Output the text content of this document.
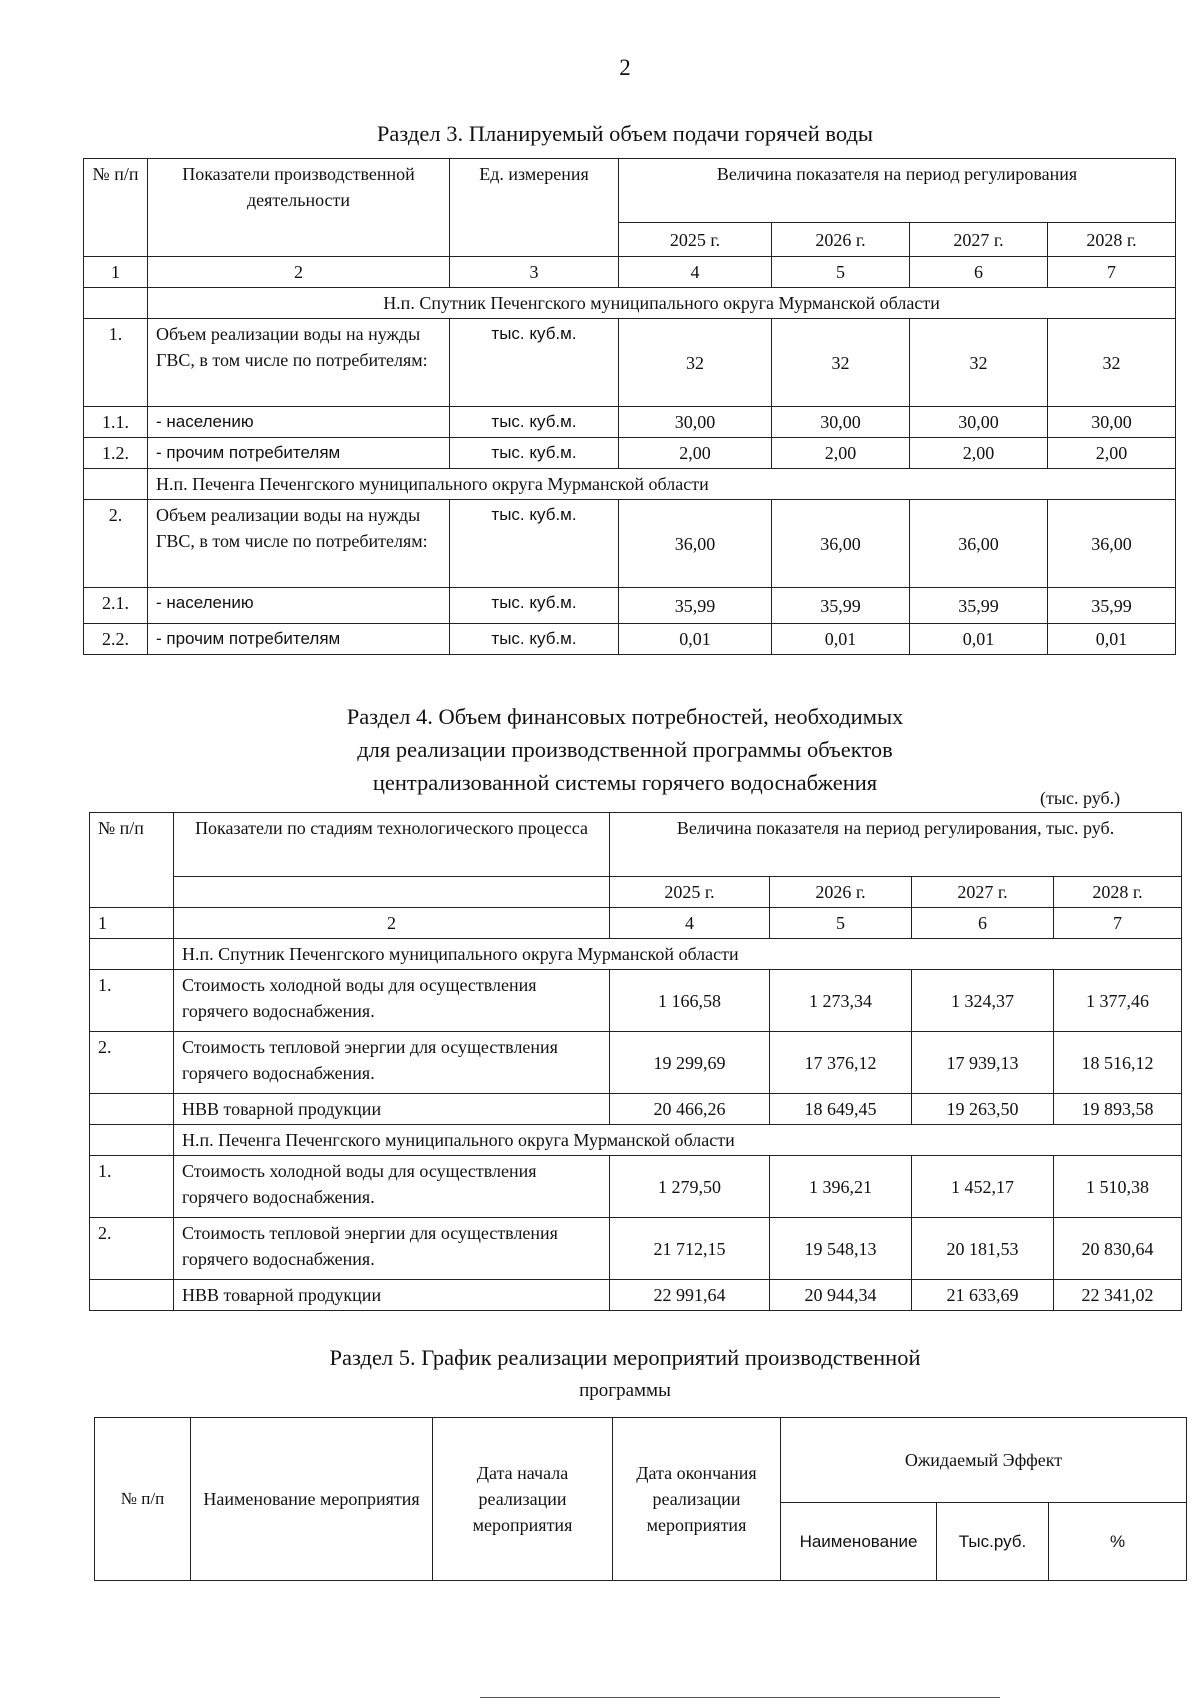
2
Раздел 3. Планируемый объем подачи горячей воды
№ п/п	Показатели производственной деятельности	Ед. измерения	Величина показателя на период регулирования			
			2025 г.	2026 г.	2027 г.	2028 г.
1	2	3	4	5	6	7
	Н.п. Спутник Печенгского муниципального округа Мурманской области					
1.	Объем реализации воды на нужды ГВС, в том числе по потребителям:	тыс. куб.м.	32	32	32	32
1.1.	- населению	тыс. куб.м.	30,00	30,00	30,00	30,00
1.2.	- прочим потребителям	тыс. куб.м.	2,00	2,00	2,00	2,00
	Н.п. Печенга Печенгского муниципального округа Мурманской области					
2.	Объем реализации воды на нужды ГВС, в том числе по потребителям:	тыс. куб.м.	36,00	36,00	36,00	36,00
2.1.	- населению	тыс. куб.м.	35,99	35,99	35,99	35,99
2.2.	- прочим потребителям	тыс. куб.м.	0,01	0,01	0,01	0,01
Раздел 4. Объем финансовых потребностей, необходимых
для реализации производственной программы объектов
централизованной системы горячего водоснабжения
(тыс. руб.)
№ п/п	Показатели по стадиям технологического процесса	Величина показателя на период регулирования, тыс. руб.			
		2025 г.	2026 г.	2027 г.	2028 г.
1	2	4	5	6	7
	Н.п. Спутник Печенгского муниципального округа Мурманской области				
1.	Стоимость холодной воды для осуществления горячего водоснабжения.	1 166,58	1 273,34	1 324,37	1 377,46
2.	Стоимость тепловой энергии для осуществления горячего водоснабжения.	19 299,69	17 376,12	17 939,13	18 516,12
	НВВ товарной продукции	20 466,26	18 649,45	19 263,50	19 893,58
	Н.п. Печенга Печенгского муниципального округа Мурманской области				
1.	Стоимость холодной воды для осуществления горячего водоснабжения.	1 279,50	1 396,21	1 452,17	1 510,38
2.	Стоимость тепловой энергии для осуществления горячего водоснабжения.	21 712,15	19 548,13	20 181,53	20 830,64
	НВВ товарной продукции	22 991,64	20 944,34	21 633,69	22 341,02
Раздел 5. График реализации мероприятий производственной
программы
№ п/п	Наименование мероприятия	Дата начала реализации мероприятия	Дата окончания реализации мероприятия	Ожидаемый Эффект		
				Наименование	Тыс.руб.	%
